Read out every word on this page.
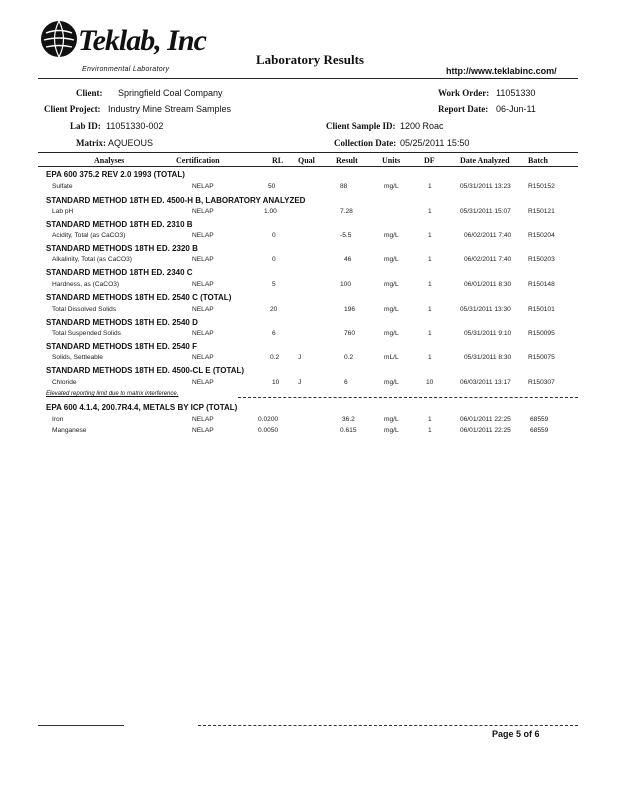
Teklab, Inc
Environmental Laboratory
Laboratory Results
http://www.teklabinc.com/
Client: Springfield Coal Company	Work Order: 11051330
Client Project: Industry Mine Stream Samples	Report Date: 06-Jun-11
Lab ID: 11051330-002	Client Sample ID: 1200 Roac
Matrix: AQUEOUS	Collection Date: 05/25/2011 15:50
Analyses	Certification	RL Qual	Result	Units	DF	Date Analyzed Batch
EPA 600 375.2 REV 2.0 1993 (TOTAL)
Sulfate	NELAP	50	88	mg/L	1	05/31/2011 13:23	R150152
STANDARD METHOD 18TH ED. 4500-H B, LABORATORY ANALYZED
Lab pH	NELAP	1.00	7.28	1	05/31/2011 15:07	R150121
STANDARD METHOD 18TH ED. 2310 B
Acidity, Total (as CaCO3)	NELAP	0	-5.5	mg/L	1	06/02/2011 7:40	R150204
STANDARD METHODS 18TH ED. 2320 B
Alkalinity, Total (as CaCO3)	NELAP	0	46	mg/L	1	06/02/2011 7:40	R150203
STANDARD METHOD 18TH ED. 2340 C
Hardness, as (CaCO3)	NELAP	5	100	mg/L	1	06/01/2011 8:30	R150148
STANDARD METHODS 18TH ED. 2540 C (TOTAL)
Total Dissolved Solids	NELAP	20	196	mg/L	1	05/31/2011 13:30	R150101
STANDARD METHODS 18TH ED. 2540 D
Total Suspended Solids	NELAP	6	760	mg/L	1	05/31/2011 9:10	R150095
STANDARD METHODS 18TH ED. 2540 F
Solids, Settleable	NELAP	0.2	J	0.2	mL/L	1	05/31/2011 8:30	R150075
STANDARD METHODS 18TH ED. 4500-CL E (TOTAL)
Chloride	NELAP	10	J	6	mg/L	10	06/03/2011 13:17	R150307
Elevated reporting limit due to matrix interference.
EPA 600 4.1.4, 200.7R4.4, METALS BY ICP (TOTAL)
Iron	NELAP	0.0200	36.2	mg/L	1	06/01/2011 22:25	68559
Manganese	NELAP	0.0050	0.615	mg/L	1	06/01/2011 22:25	68559
Page 5 of 6
